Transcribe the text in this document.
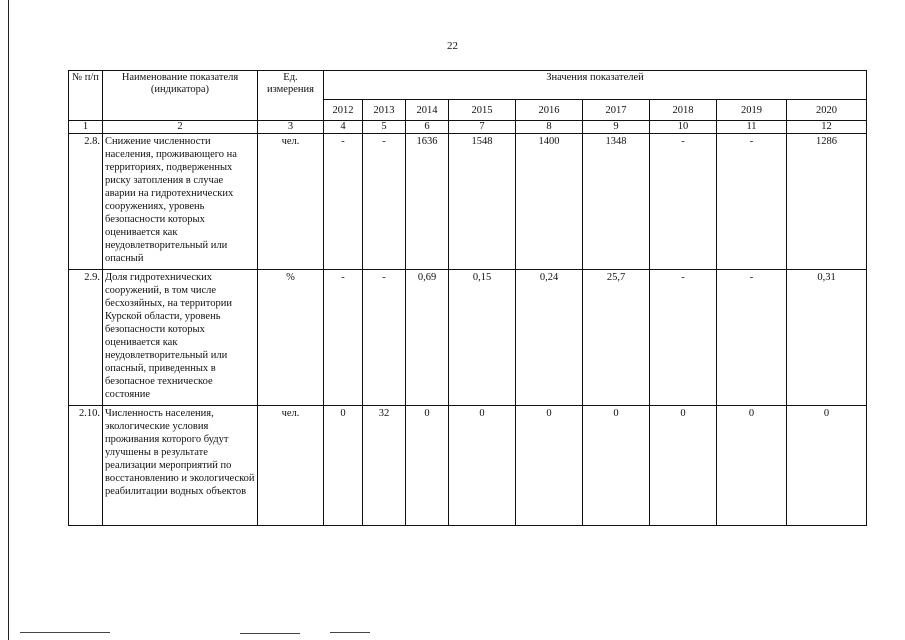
22
№ п/п	Наименование показателя (индикатора)	Ед. измерения	Значения показателей								
			2012	2013	2014	2015	2016	2017	2018	2019	2020
1	2	3	4	5	6	7	8	9	10	11	12
2.8.	Снижение численности населения, проживающего на территориях, подверженных риску затопления в случае аварии на гидротехнических сооружениях, уровень безопасности которых оценивается как неудовлетворительный или опасный	чел.	-	-	1636	1548	1400	1348	-	-	1286
2.9.	Доля гидротехнических сооружений, в том числе бесхозяйных, на территории Курской области, уровень безопасности которых оценивается как неудовлетворительный или опасный, приведенных в безопасное техническое состояние	%	-	-	0,69	0,15	0,24	25,7	-	-	0,31
2.10.	Численность населения, экологические условия проживания которого будут улучшены в результате реализации мероприятий по восстановлению и экологической реабилитации водных объектов	чел.	0	32	0	0	0	0	0	0	0
